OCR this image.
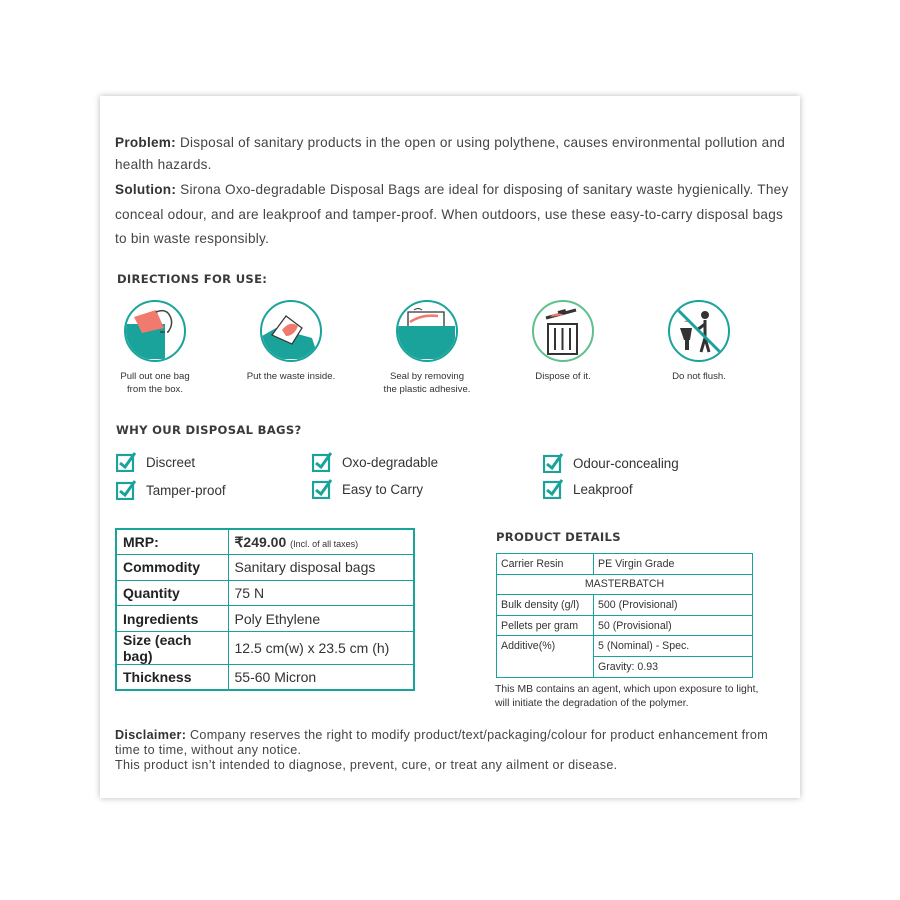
Problem: Disposal of sanitary products in the open or using polythene, causes environmental pollution and health hazards.

Solution: Sirona Oxo-degradable Disposal Bags are ideal for disposing of sanitary waste hygienically. They conceal odour, and are leakproof and tamper-proof. When outdoors, use these easy-to-carry disposal bags to bin waste responsibly.

DIRECTIONS FOR USE:
Pull out one bag
from the box.
Put the waste inside.	Seal by removing
the plastic adhesive.
Dispose of it.	Do not flush.
WHY OUR DISPOSAL BAGS?
Discreet	Oxo-degradable	Odour-concealing
Tamper-proof	Easy to Carry	Leakproof
MRP:	₹249.00 (Incl. of all taxes)
Commodity	Sanitary disposal bags
Quantity	75 N
Ingredients	Poly Ethylene
Size (each bag)	12.5 cm(w) x 23.5 cm (h)
Thickness	55-60 Micron
PRODUCT DETAILS
Carrier Resin	PE Virgin Grade
MASTERBATCH	
Bulk density (g/l)	500 (Provisional)
Pellets per gram	50 (Provisional)
Additive(%)	5 (Nominal) - Spec.
	Gravity: 0.93
This MB contains an agent, which upon exposure to light, will initiate the degradation of the polymer.
Disclaimer: Company reserves the right to modify product/text/packaging/colour for product enhancement from time to time, without any notice.
This product isn’t intended to diagnose, prevent, cure, or treat any ailment or disease.
